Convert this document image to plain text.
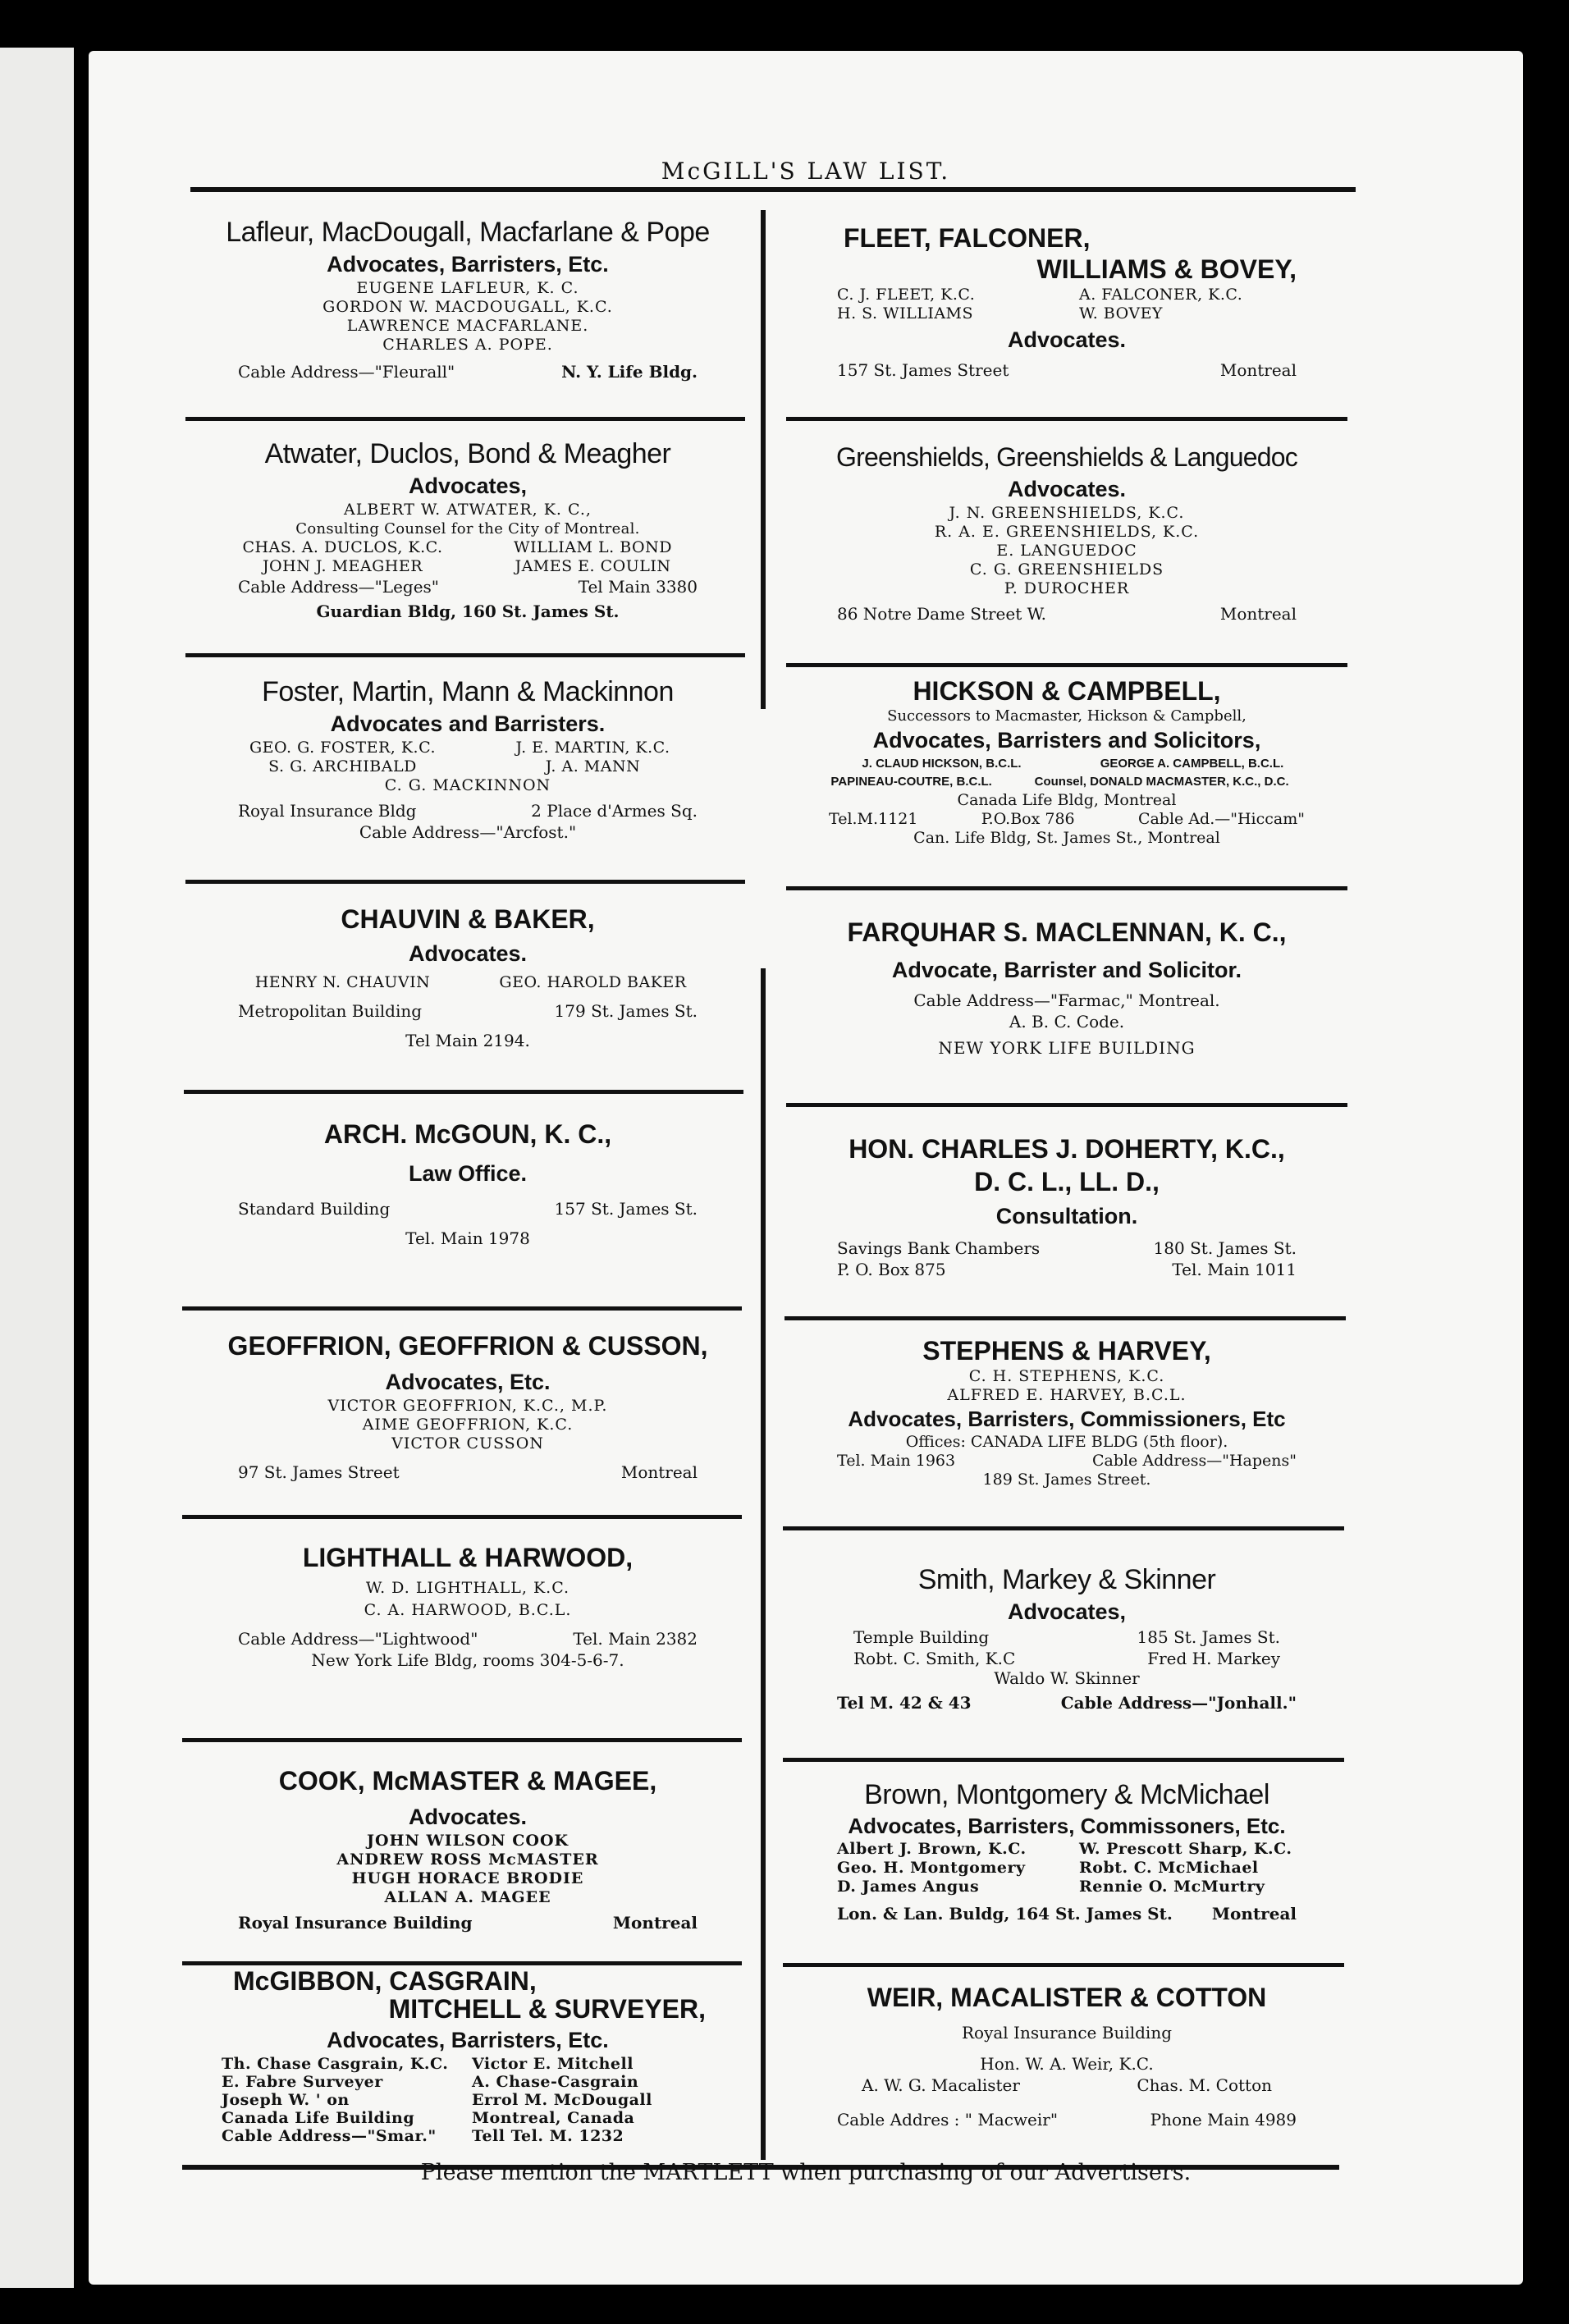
McGILL'S LAW LIST.
Lafleur, MacDougall, Macfarlane & Pope
Advocates, Barristers, Etc.
EUGENE LAFLEUR, K. C.
GORDON W. MACDOUGALL, K.C.
LAWRENCE MACFARLANE.
CHARLES A. POPE.
Cable Address—"Fleurall"	N. Y. Life Bldg.
Atwater, Duclos, Bond & Meagher
Advocates,
ALBERT W. ATWATER, K. C.,
Consulting Counsel for the City of Montreal.
CHAS. A. DUCLOS, K.C.	WILLIAM L. BOND
JOHN J. MEAGHER	JAMES E. COULIN
Cable Address—"Leges"	Tel Main 3380
Guardian Bldg, 160 St. James St.
Foster, Martin, Mann & Mackinnon
Advocates and Barristers.
GEO. G. FOSTER, K.C.	J. E. MARTIN, K.C.
S. G. ARCHIBALD	J. A. MANN
C. G. MACKINNON
Royal Insurance Bldg	2 Place d'Armes Sq.
Cable Address—"Arcfost."
CHAUVIN & BAKER,
Advocates.
HENRY N. CHAUVIN	GEO. HAROLD BAKER
Metropolitan Building	179 St. James St.
Tel Main 2194.
ARCH. McGOUN, K. C.,
Law Office.
Standard Building	157 St. James St.
Tel. Main 1978
GEOFFRION, GEOFFRION & CUSSON,
Advocates, Etc.
VICTOR GEOFFRION, K.C., M.P.
AIME GEOFFRION, K.C.
VICTOR CUSSON
97 St. James Street	Montreal
LIGHTHALL & HARWOOD,
W. D. LIGHTHALL, K.C.
C. A. HARWOOD, B.C.L.
Cable Address—"Lightwood"	Tel. Main 2382
New York Life Bldg, rooms 304-5-6-7.
COOK, McMASTER & MAGEE,
Advocates.
JOHN WILSON COOK
ANDREW ROSS McMASTER
HUGH HORACE BRODIE
ALLAN A. MAGEE
Royal Insurance Building	Montreal
McGIBBON, CASGRAIN,
MITCHELL & SURVEYER,
Advocates, Barristers, Etc.
Th. Chase Casgrain, K.C.	Victor E. Mitchell
E. Fabre Surveyer	A. Chase-Casgrain
Joseph W. ' on	Errol M. McDougall
Canada Life Building	Montreal, Canada
Cable Address—"Smar."	Tell Tel. M. 1232
FLEET, FALCONER,
WILLIAMS & BOVEY,
C. J. FLEET, K.C.	A. FALCONER, K.C.
H. S. WILLIAMS	W. BOVEY
Advocates.
157 St. James Street	Montreal
Greenshields, Greenshields & Languedoc
Advocates.
J. N. GREENSHIELDS, K.C.
R. A. E. GREENSHIELDS, K.C.
E. LANGUEDOC
C. G. GREENSHIELDS
P. DUROCHER
86 Notre Dame Street W.	Montreal
HICKSON & CAMPBELL,
Successors to Macmaster, Hickson & Campbell,
Advocates, Barristers and Solicitors,
J. CLAUD HICKSON, B.C.L.	GEORGE A. CAMPBELL, B.C.L.
PAPINEAU-COUTRE, B.C.L.	Counsel, DONALD MACMASTER, K.C., D.C.
Canada Life Bldg, Montreal
Tel.M.1121	P.O.Box 786	Cable Ad.—"Hiccam"
Can. Life Bldg, St. James St., Montreal
FARQUHAR S. MACLENNAN, K. C.,
Advocate, Barrister and Solicitor.
Cable Address—"Farmac," Montreal.
A. B. C. Code.
NEW YORK LIFE BUILDING
HON. CHARLES J. DOHERTY, K.C.,
D. C. L., LL. D.,
Consultation.
Savings Bank Chambers	180 St. James St.
P. O. Box 875	Tel. Main 1011
STEPHENS & HARVEY,
C. H. STEPHENS, K.C.
ALFRED E. HARVEY, B.C.L.
Advocates, Barristers, Commissioners, Etc
Offices: CANADA LIFE BLDG (5th floor).
Tel. Main 1963	Cable Address—"Hapens"
189 St. James Street.
Smith, Markey & Skinner
Advocates,
Temple Building	185 St. James St.
Robt. C. Smith, K.C	Fred H. Markey
Waldo W. Skinner
Tel M. 42 & 43	Cable Address—"Jonhall."
Brown, Montgomery & McMichael
Advocates, Barristers, Commissoners, Etc.
Albert J. Brown, K.C.	W. Prescott Sharp, K.C.
Geo. H. Montgomery	Robt. C. McMichael
D. James Angus	Rennie O. McMurtry
Lon. & Lan. Buldg, 164 St. James St. Montreal
WEIR, MACALISTER & COTTON
Royal Insurance Building
Hon. W. A. Weir, K.C.
A. W. G. Macalister	Chas. M. Cotton
Cable Addres : " Macweir"	Phone Main 4989
Please mention the MARTLETT when purchasing of our Advertisers.
